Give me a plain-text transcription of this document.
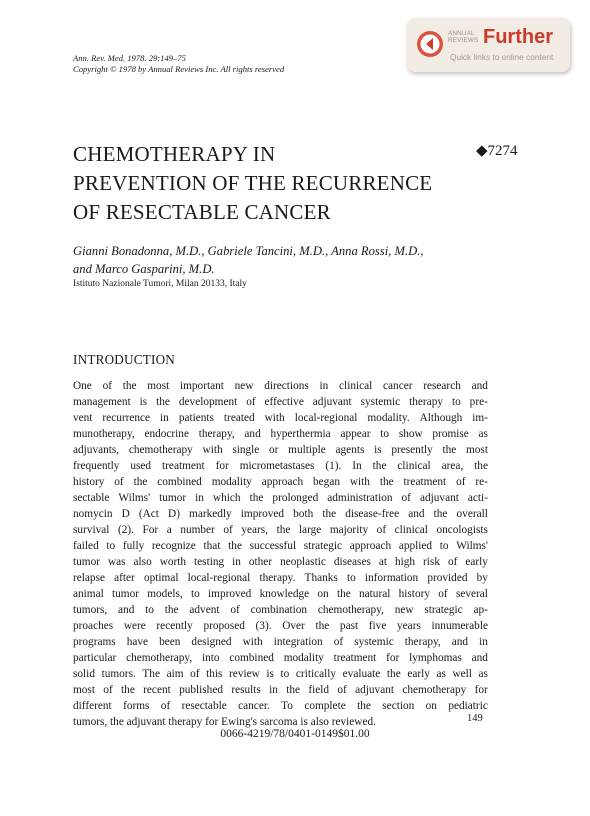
Ann. Rev. Med. 1978. 29:149–75
Copyright © 1978 by Annual Reviews Inc. All rights reserved
ANNUAL
REVIEWS Further
Quick links to online content
CHEMOTHERAPY IN
PREVENTION OF THE RECURRENCE
OF RESECTABLE CANCER
◆7274
Gianni Bonadonna, M.D., Gabriele Tancini, M.D., Anna Rossi, M.D.,
and Marco Gasparini, M.D.
Istituto Nazionale Tumori, Milan 20133, Italy
INTRODUCTION
One of the most important new directions in clinical cancer research and
management is the development of effective adjuvant systemic therapy to pre-
vent recurrence in patients treated with local-regional modality. Although im-
munotherapy, endocrine therapy, and hyperthermia appear to show promise as
adjuvants, chemotherapy with single or multiple agents is presently the most
frequently used treatment for micrometastases (1). In the clinical area, the
history of the combined modality approach began with the treatment of re-
sectable Wilms' tumor in which the prolonged administration of adjuvant acti-
nomycin D (Act D) markedly improved both the disease-free and the overall
survival (2). For a number of years, the large majority of clinical oncologists
failed to fully recognize that the successful strategic approach applied to Wilms'
tumor was also worth testing in other neoplastic diseases at high risk of early
relapse after optimal local-regional therapy. Thanks to information provided by
animal tumor models, to improved knowledge on the natural history of several
tumors, and to the advent of combination chemotherapy, new strategic ap-
proaches were recently proposed (3). Over the past five years innumerable
programs have been designed with integration of systemic therapy, and in
particular chemotherapy, into combined modality treatment for lymphomas and
solid tumors. The aim of this review is to critically evaluate the early as well as
most of the recent published results in the field of adjuvant chemotherapy for
different forms of resectable cancer. To complete the section on pediatric
tumors, the adjuvant therapy for Ewing's sarcoma is also reviewed.	149
0066-4219/78/0401-0149$01.00
